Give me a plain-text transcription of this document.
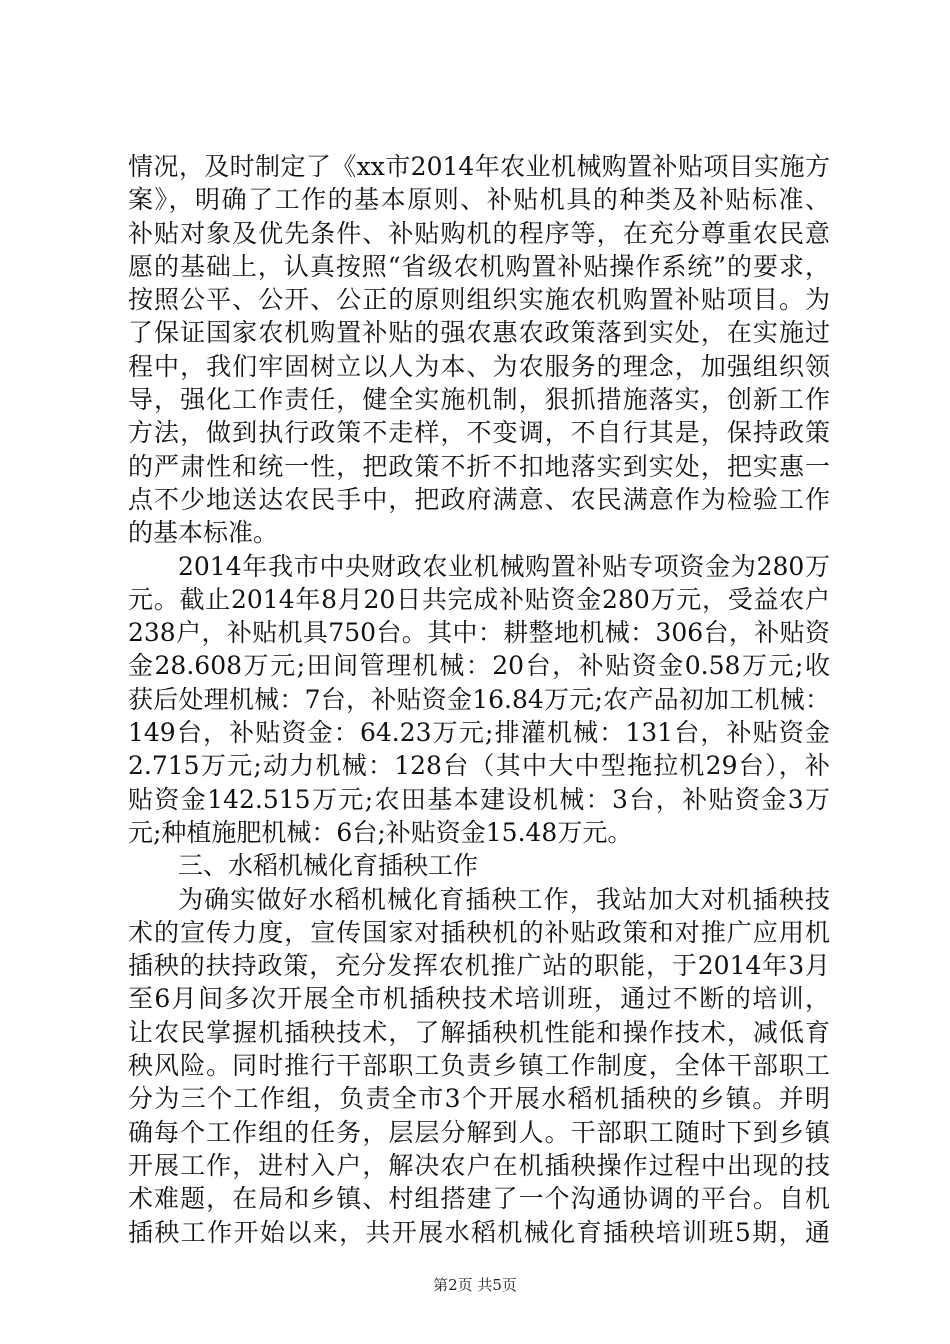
情况，及时制定了《xx市2014年农业机械购置补贴项目实施方
案》，明确了工作的基本原则、补贴机具的种类及补贴标准、
补贴对象及优先条件、补贴购机的程序等，在充分尊重农民意
愿的基础上，认真按照“省级农机购置补贴操作系统”的要求，
按照公平、公开、公正的原则组织实施农机购置补贴项目。为
了保证国家农机购置补贴的强农惠农政策落到实处，在实施过
程中，我们牢固树立以人为本、为农服务的理念，加强组织领
导，强化工作责任，健全实施机制，狠抓措施落实，创新工作
方法，做到执行政策不走样，不变调，不自行其是，保持政策
的严肃性和统一性，把政策不折不扣地落实到实处，把实惠一
点不少地送达农民手中，把政府满意、农民满意作为检验工作
的基本标准。
2014年我市中央财政农业机械购置补贴专项资金为280万
元。截止2014年8月20日共完成补贴资金280万元，受益农户
238户，补贴机具750台。其中：耕整地机械：306台，补贴资
金28.608万元;田间管理机械：20台，补贴资金0.58万元;收
获后处理机械：7台，补贴资金16.84万元;农产品初加工机械：
149台，补贴资金：64.23万元;排灌机械：131台，补贴资金
2.715万元;动力机械：128台（其中大中型拖拉机29台），补
贴资金142.515万元;农田基本建设机械：3台，补贴资金3万
元;种植施肥机械：6台;补贴资金15.48万元。
三、水稻机械化育插秧工作
为确实做好水稻机械化育插秧工作，我站加大对机插秧技
术的宣传力度，宣传国家对插秧机的补贴政策和对推广应用机
插秧的扶持政策，充分发挥农机推广站的职能，于2014年3月
至6月间多次开展全市机插秧技术培训班，通过不断的培训，
让农民掌握机插秧技术，了解插秧机性能和操作技术，减低育
秧风险。同时推行干部职工负责乡镇工作制度，全体干部职工
分为三个工作组，负责全市3个开展水稻机插秧的乡镇。并明
确每个工作组的任务，层层分解到人。干部职工随时下到乡镇
开展工作，进村入户，解决农户在机插秧操作过程中出现的技
术难题，在局和乡镇、村组搭建了一个沟通协调的平台。自机
插秧工作开始以来，共开展水稻机械化育插秧培训班5期，通
第2页 共5页
